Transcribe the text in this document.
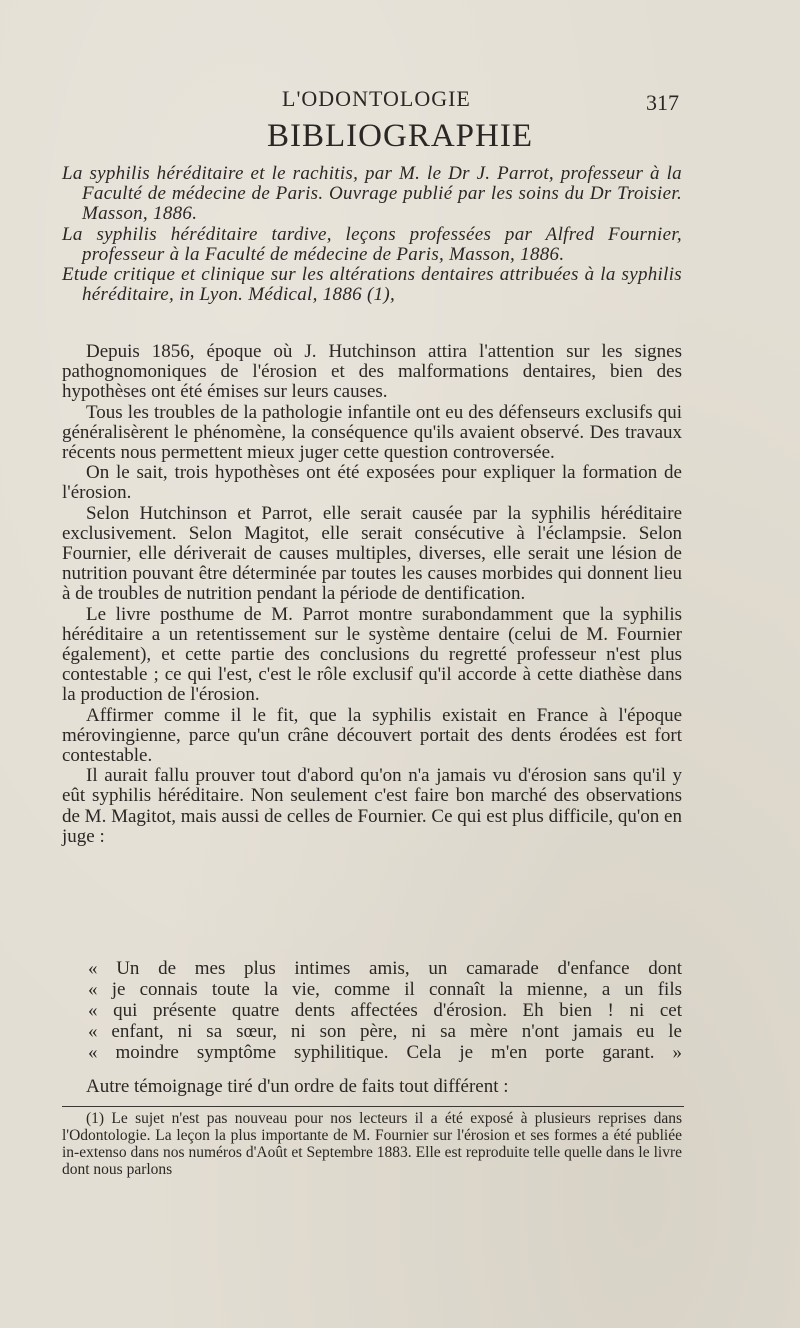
L'ODONTOLOGIE	317
BIBLIOGRAPHIE

La syphilis héréditaire et le rachitis, par M. le Dr J. Parrot, professeur à la Faculté de médecine de Paris. Ouvrage publié par les soins du Dr Troisier. Masson, 1886.

La syphilis héréditaire tardive, leçons professées par Alfred Fournier, professeur à la Faculté de médecine de Paris, Masson, 1886.

Etude critique et clinique sur les altérations dentaires attribuées à la syphilis héréditaire, in Lyon. Médical, 1886 (1),

Depuis 1856, époque où J. Hutchinson attira l'attention sur les signes pathognomoniques de l'érosion et des malformations dentaires, bien des hypothèses ont été émises sur leurs causes.

Tous les troubles de la pathologie infantile ont eu des défenseurs exclusifs qui généralisèrent le phénomène, la conséquence qu'ils avaient observé. Des travaux récents nous permettent mieux juger cette question controversée.

On le sait, trois hypothèses ont été exposées pour expliquer la formation de l'érosion.

Selon Hutchinson et Parrot, elle serait causée par la syphilis héréditaire exclusivement. Selon Magitot, elle serait consécutive à l'éclampsie. Selon Fournier, elle dériverait de causes multiples, diverses, elle serait une lésion de nutrition pouvant être déterminée par toutes les causes morbides qui donnent lieu à de troubles de nutrition pendant la période de dentification.

Le livre posthume de M. Parrot montre surabondamment que la syphilis héréditaire a un retentissement sur le système dentaire (celui de M. Fournier également), et cette partie des conclusions du regretté professeur n'est plus contestable ; ce qui l'est, c'est le rôle exclusif qu'il accorde à cette diathèse dans la production de l'érosion.

Affirmer comme il le fit, que la syphilis existait en France à l'époque mérovingienne, parce qu'un crâne découvert portait des dents érodées est fort contestable.

Il aurait fallu prouver tout d'abord qu'on n'a jamais vu d'érosion sans qu'il y eût syphilis héréditaire. Non seulement c'est faire bon marché des observations de M. Magitot, mais aussi de celles de Fournier. Ce qui est plus difficile, qu'on en juge :

« Un de mes plus intimes amis, un camarade d'enfance dont

« je connais toute la vie, comme il connaît la mienne, a un fils

« qui présente quatre dents affectées d'érosion. Eh bien ! ni cet

« enfant, ni sa sœur, ni son père, ni sa mère n'ont jamais eu le

« moindre symptôme syphilitique. Cela je m'en porte garant. »

Autre témoignage tiré d'un ordre de faits tout différent :

(1) Le sujet n'est pas nouveau pour nos lecteurs il a été exposé à plusieurs reprises dans l'Odontologie. La leçon la plus importante de M. Fournier sur l'érosion et ses formes a été publiée in-extenso dans nos numéros d'Août et Septembre 1883. Elle est reproduite telle quelle dans le livre dont nous parlons
